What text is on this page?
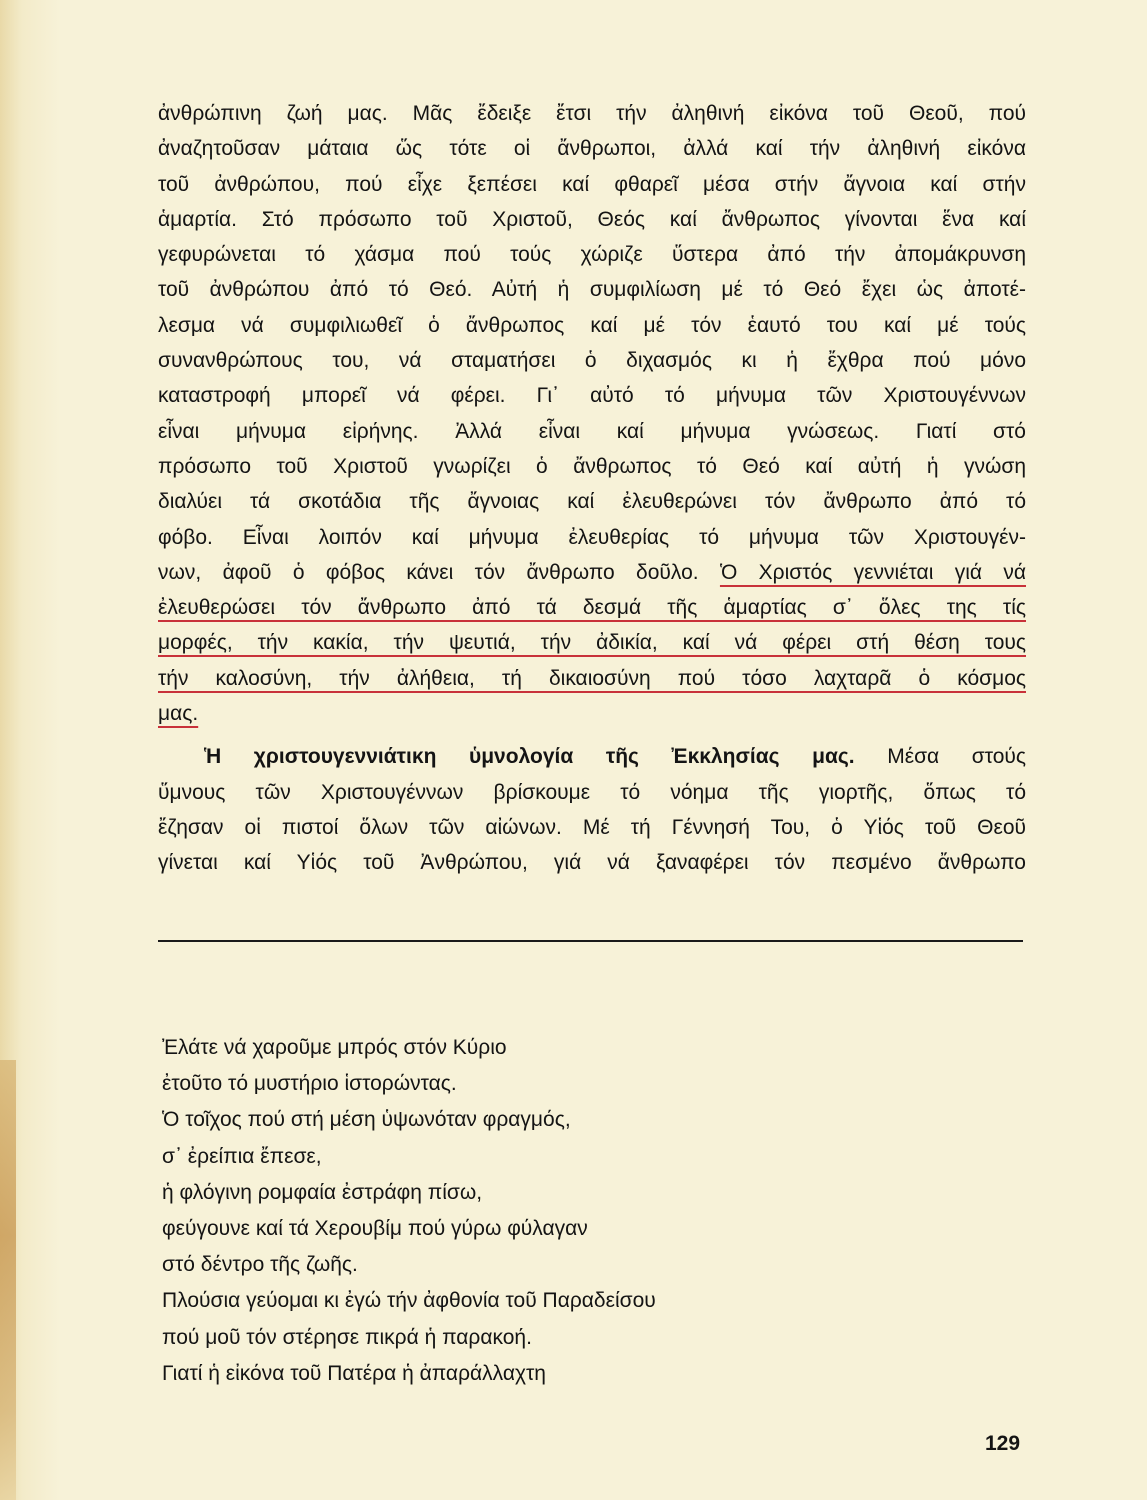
ἀνθρώπινη ζωή μας. Μᾶς ἔδειξε ἔτσι τήν ἀληθινή εἰκόνα τοῦ Θεοῦ, πού
ἀναζητοῦσαν μάταια ὥς τότε οἱ ἄνθρωποι, ἀλλά καί τήν ἀληθινή εἰκόνα
τοῦ ἀνθρώπου, πού εἶχε ξεπέσει καί φθαρεῖ μέσα στήν ἄγνοια καί στήν
ἁμαρτία. Στό πρόσωπο τοῦ Χριστοῦ, Θεός καί ἄνθρωπος γίνονται ἕνα καί
γεφυρώνεται τό χάσμα πού τούς χώριζε ὕστερα ἀπό τήν ἀπομάκρυνση
τοῦ ἀνθρώπου ἀπό τό Θεό. Αὐτή ἡ συμφιλίωση μέ τό Θεό ἔχει ὡς ἀποτέ-
λεσμα νά συμφιλιωθεῖ ὁ ἄνθρωπος καί μέ τόν ἑαυτό του καί μέ τούς
συνανθρώπους του, νά σταματήσει ὁ διχασμός κι ἡ ἔχθρα πού μόνο
καταστροφή μπορεῖ νά φέρει. Γι᾽ αὐτό τό μήνυμα τῶν Χριστουγέννων
εἶναι μήνυμα εἰρήνης. Ἀλλά εἶναι καί μήνυμα γνώσεως. Γιατί στό
πρόσωπο τοῦ Χριστοῦ γνωρίζει ὁ ἄνθρωπος τό Θεό καί αὐτή ἡ γνώση
διαλύει τά σκοτάδια τῆς ἄγνοιας καί ἐλευθερώνει τόν ἄνθρωπο ἀπό τό
φόβο. Εἶναι λοιπόν καί μήνυμα ἐλευθερίας τό μήνυμα τῶν Χριστουγέν-
νων, ἀφοῦ ὁ φόβος κάνει τόν ἄνθρωπο δοῦλο. Ὁ Χριστός γεννιέται γιά νά
ἐλευθερώσει τόν ἄνθρωπο ἀπό τά δεσμά τῆς ἁμαρτίας σ᾽ ὅλες της τίς
μορφές, τήν κακία, τήν ψευτιά, τήν ἀδικία, καί νά φέρει στή θέση τους
τήν καλοσύνη, τήν ἀλήθεια, τή δικαιοσύνη πού τόσο λαχταρᾶ ὁ κόσμος
μας.
Ἡ χριστουγεννιάτικη ὑμνολογία τῆς Ἐκκλησίας μας. Μέσα στούς
ὕμνους τῶν Χριστουγέννων βρίσκουμε τό νόημα τῆς γιορτῆς, ὅπως τό
ἔζησαν οἱ πιστοί ὅλων τῶν αἰώνων. Μέ τή Γέννησή Του, ὁ Υἱός τοῦ Θεοῦ
γίνεται καί Υἱός τοῦ Ἀνθρώπου, γιά νά ξαναφέρει τόν πεσμένο ἄνθρωπο
Ἐλάτε νά χαροῦμε μπρός στόν Κύριο
ἐτοῦτο τό μυστήριο ἱστορώντας.
Ὁ τοῖχος πού στή μέση ὑψωνόταν φραγμός,
σ᾽ ἐρείπια ἔπεσε,
ἡ φλόγινη ρομφαία ἐστράφη πίσω,
φεύγουνε καί τά Χερουβίμ πού γύρω φύλαγαν
στό δέντρο τῆς ζωῆς.
Πλούσια γεύομαι κι ἐγώ τήν ἀφθονία τοῦ Παραδείσου
πού μοῦ τόν στέρησε πικρά ἡ παρακοή.
Γιατί ἡ εἰκόνα τοῦ Πατέρα ἡ ἀπαράλλαχτη
129
